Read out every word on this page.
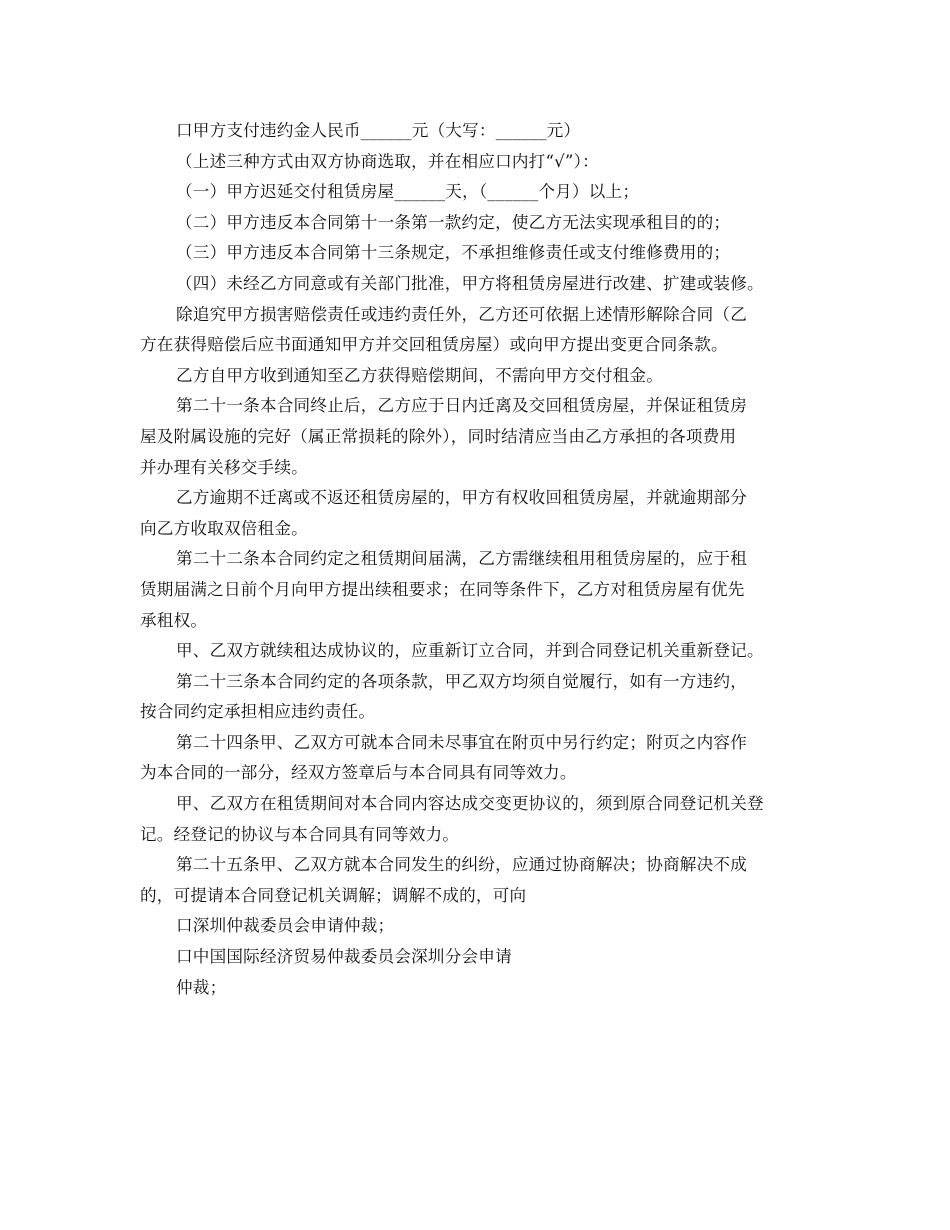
口甲方支付违约金人民币______元（大写：______元）
（上述三种方式由双方协商选取，并在相应口内打“√”）：
（一）甲方迟延交付租赁房屋______天，（______个月）以上；
（二）甲方违反本合同第十一条第一款约定，使乙方无法实现承租目的的；
（三）甲方违反本合同第十三条规定，不承担维修责任或支付维修费用的；
（四）未经乙方同意或有关部门批准，甲方将租赁房屋进行改建、扩建或装修。
除追究甲方损害赔偿责任或违约责任外，乙方还可依据上述情形解除合同（乙
方在获得赔偿后应书面通知甲方并交回租赁房屋）或向甲方提出变更合同条款。
乙方自甲方收到通知至乙方获得赔偿期间，不需向甲方交付租金。
第二十一条本合同终止后，乙方应于日内迁离及交回租赁房屋，并保证租赁房
屋及附属设施的完好（属正常损耗的除外），同时结清应当由乙方承担的各项费用
并办理有关移交手续。
乙方逾期不迁离或不返还租赁房屋的，甲方有权收回租赁房屋，并就逾期部分
向乙方收取双倍租金。
第二十二条本合同约定之租赁期间届满，乙方需继续租用租赁房屋的，应于租
赁期届满之日前个月向甲方提出续租要求；在同等条件下，乙方对租赁房屋有优先
承租权。
甲、乙双方就续租达成协议的，应重新订立合同，并到合同登记机关重新登记。
第二十三条本合同约定的各项条款，甲乙双方均须自觉履行，如有一方违约，
按合同约定承担相应违约责任。
第二十四条甲、乙双方可就本合同未尽事宜在附页中另行约定；附页之内容作
为本合同的一部分，经双方签章后与本合同具有同等效力。
甲、乙双方在租赁期间对本合同内容达成交变更协议的，须到原合同登记机关登
记。经登记的协议与本合同具有同等效力。
第二十五条甲、乙双方就本合同发生的纠纷，应通过协商解决；协商解决不成
的，可提请本合同登记机关调解；调解不成的，可向
口深圳仲裁委员会申请仲裁；
口中国国际经济贸易仲裁委员会深圳分会申请
仲裁；
